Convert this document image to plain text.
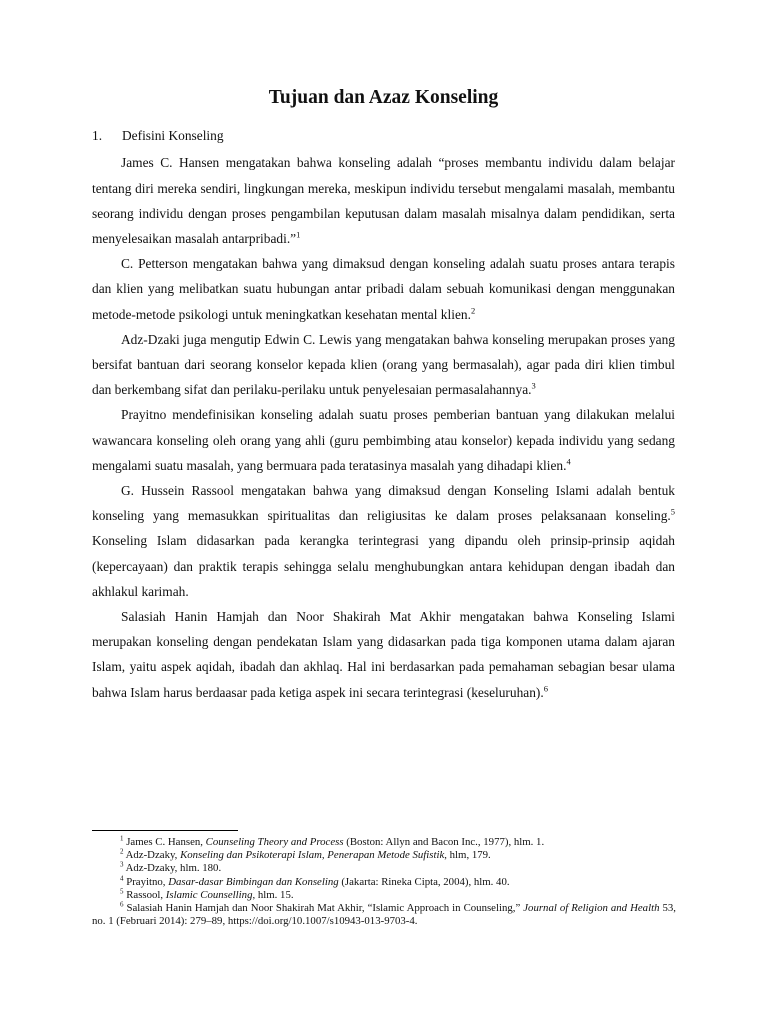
Tujuan dan Azaz Konseling
1. Defisini Konseling

James C. Hansen mengatakan bahwa konseling adalah “proses membantu individu dalam belajar tentang diri mereka sendiri, lingkungan mereka, meskipun individu tersebut mengalami masalah, membantu seorang individu dengan proses pengambilan keputusan dalam masalah misalnya dalam pendidikan, serta menyelesaikan masalah antarpribadi.”$^1$

C. Petterson mengatakan bahwa yang dimaksud dengan konseling adalah suatu proses antara terapis dan klien yang melibatkan suatu hubungan antar pribadi dalam sebuah komunikasi dengan menggunakan metode-metode psikologi untuk meningkatkan kesehatan mental klien.$^2$

Adz-Dzaki juga mengutip Edwin C. Lewis yang mengatakan bahwa konseling merupakan proses yang bersifat bantuan dari seorang konselor kepada klien (orang yang bermasalah), agar pada diri klien timbul dan berkembang sifat dan perilaku-perilaku untuk penyelesaian permasalahannya.$^3$

Prayitno mendefinisikan konseling adalah suatu proses pemberian bantuan yang dilakukan melalui wawancara konseling oleh orang yang ahli (guru pembimbing atau konselor) kepada individu yang sedang mengalami suatu masalah, yang bermuara pada teratasinya masalah yang dihadapi klien.$^4$

G. Hussein Rassool mengatakan bahwa yang dimaksud dengan Konseling Islami adalah bentuk konseling yang memasukkan spiritualitas dan religiusitas ke dalam proses pelaksanaan konseling.$^5$ Konseling Islam didasarkan pada kerangka terintegrasi yang dipandu oleh prinsip-prinsip aqidah (kepercayaan) dan praktik terapis sehingga selalu menghubungkan antara kehidupan dengan ibadah dan akhlakul karimah.

Salasiah Hanin Hamjah dan Noor Shakirah Mat Akhir mengatakan bahwa Konseling Islami merupakan konseling dengan pendekatan Islam yang didasarkan pada tiga komponen utama dalam ajaran Islam, yaitu aspek aqidah, ibadah dan akhlaq. Hal ini berdasarkan pada pemahaman sebagian besar ulama bahwa Islam harus berdaasar pada ketiga aspek ini secara terintegrasi (keseluruhan).$^6$

$^1$ James C. Hansen, Counseling Theory and Process (Boston: Allyn and Bacon Inc., 1977), hlm. 1.
$^2$ Adz-Dzaky, Konseling dan Psikoterapi Islam, Penerapan Metode Sufistik, hlm, 179.
$^3$ Adz-Dzaky, hlm. 180.
$^4$ Prayitno, Dasar-dasar Bimbingan dan Konseling (Jakarta: Rineka Cipta, 2004), hlm. 40.
$^5$ Rassool, Islamic Counselling, hlm. 15.
$^6$ Salasiah Hanin Hamjah dan Noor Shakirah Mat Akhir, “Islamic Approach in Counseling,” Journal of Religion and Health 53, no. 1 (Februari 2014): 279–89, https://doi.org/10.1007/s10943-013-9703-4.
